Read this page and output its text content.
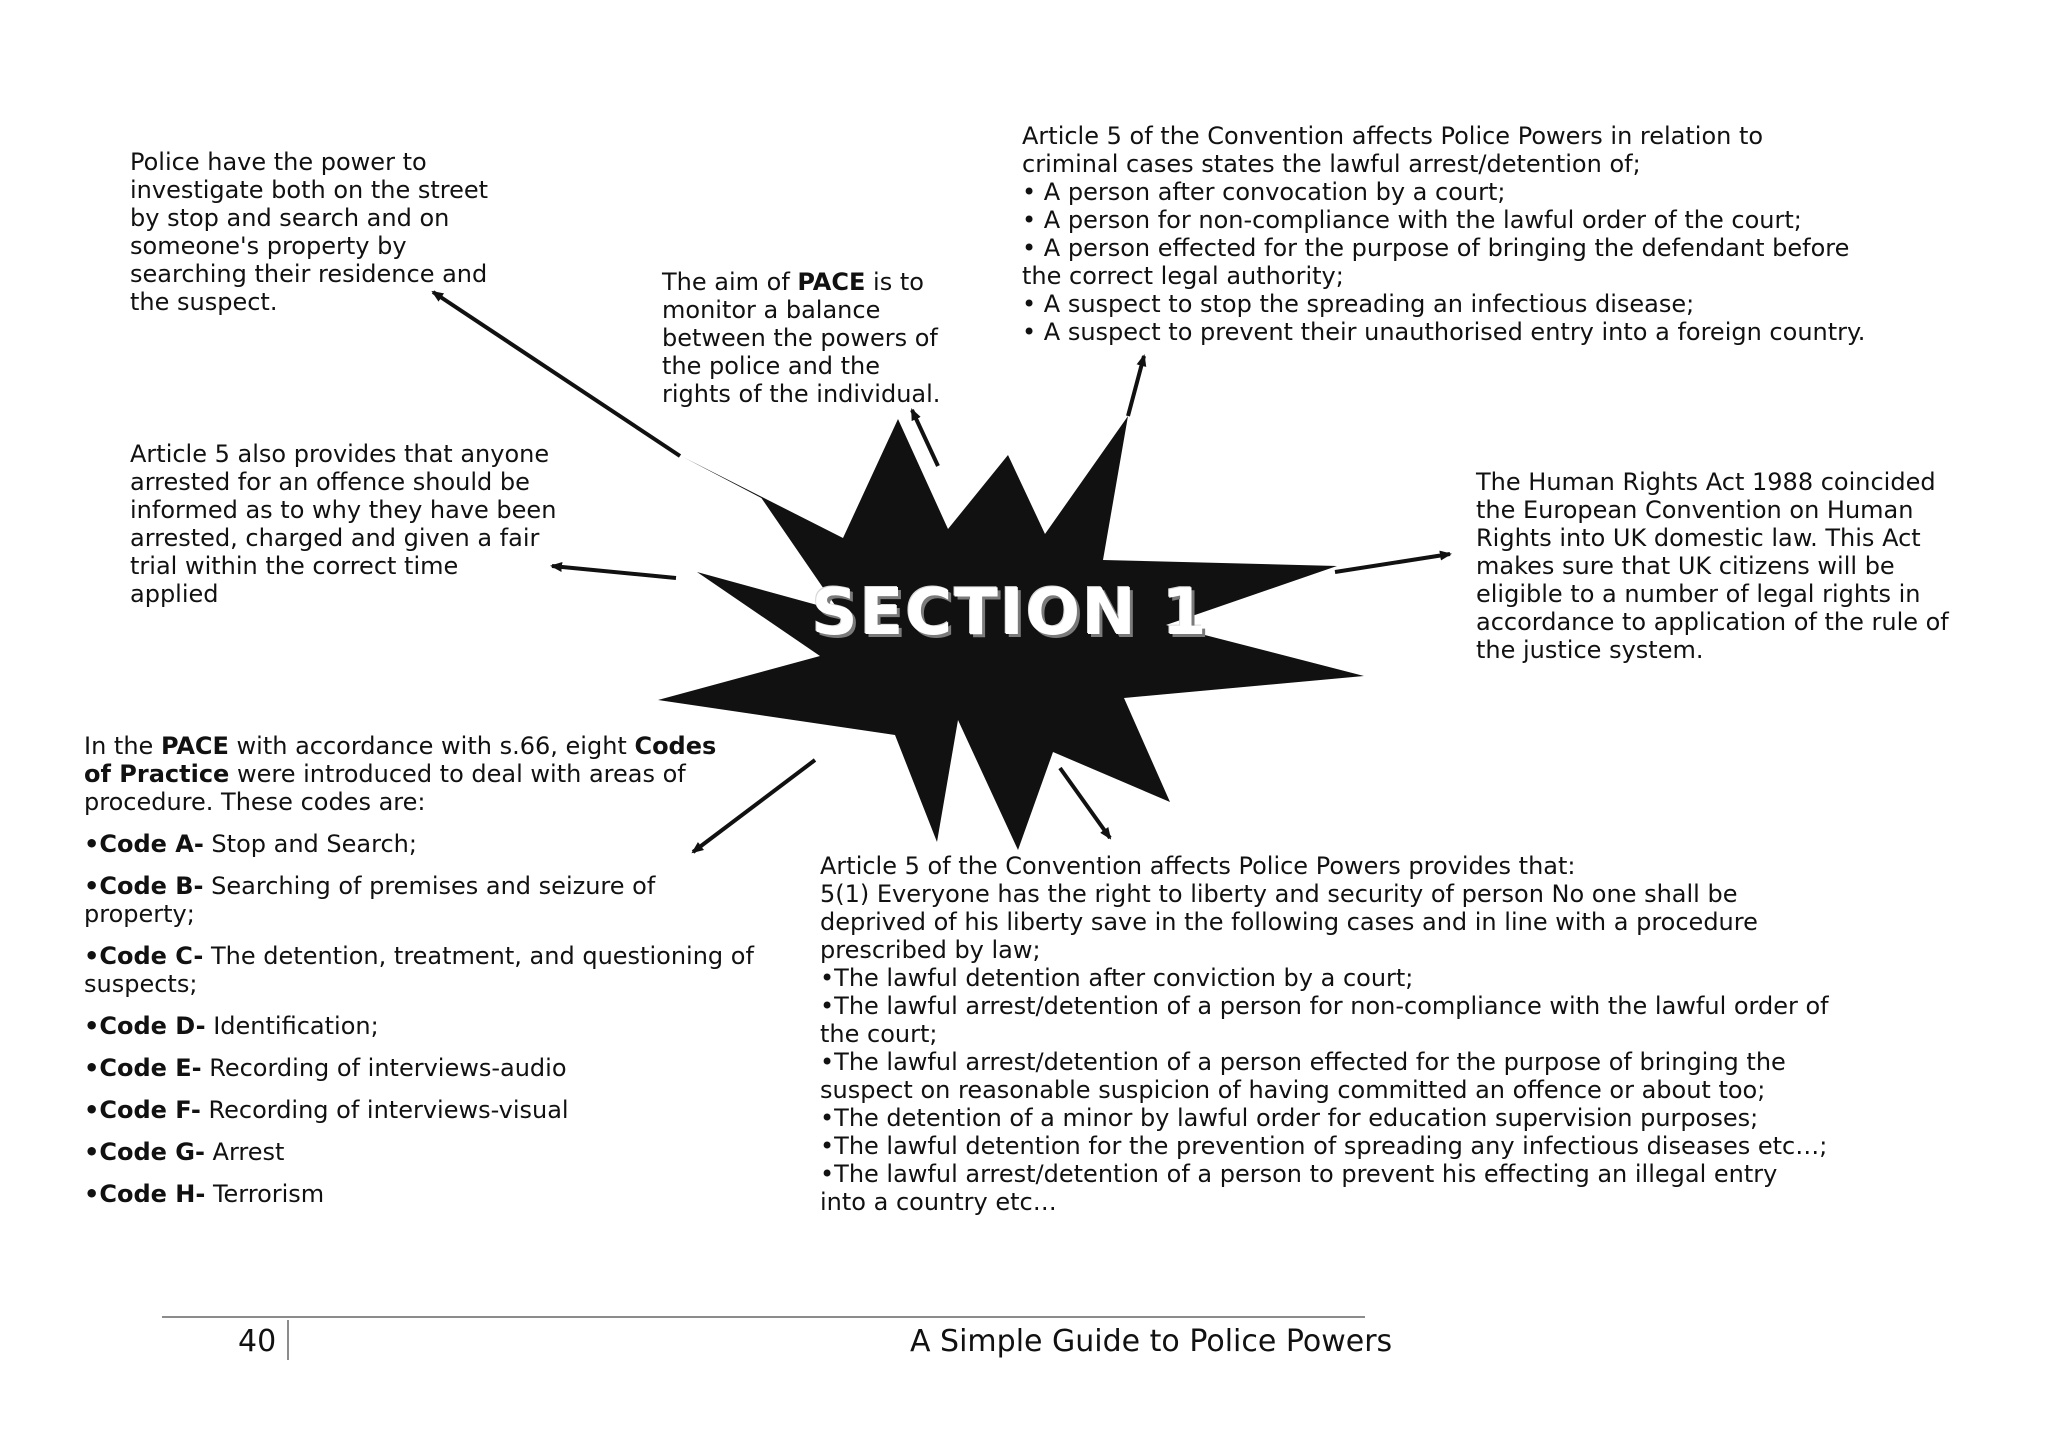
SECTION 1

Police have the power to

investigate both on the street

by stop and search and on

someone's property by

searching their residence and

the suspect.

The aim of PACE is to

monitor a balance

between the powers of

the police and the

rights of the individual.

Article 5 of the Convention affects Police Powers in relation to

criminal cases states the lawful arrest/detention of;

• A person after convocation by a court;

• A person for non-compliance with the lawful order of the court;

• A person effected for the purpose of bringing the defendant before

the correct legal authority;

• A suspect to stop the spreading an infectious disease;

• A suspect to prevent their unauthorised entry into a foreign country.

Article 5 also provides that anyone

arrested for an offence should be

informed as to why they have been

arrested, charged and given a fair

trial within the correct time

applied

The Human Rights Act 1988 coincided

the European Convention on Human

Rights into UK domestic law. This Act

makes sure that UK citizens will be

eligible to a number of legal rights in

accordance to application of the rule of

the justice system.

In the PACE with accordance with s.66, eight Codes

of Practice were introduced to deal with areas of

procedure. These codes are:

•Code A- Stop and Search;

•Code B- Searching of premises and seizure of property;

•Code C- The detention, treatment, and questioning of suspects;

•Code D- Identification;

•Code E- Recording of interviews-audio

•Code F- Recording of interviews-visual

•Code G- Arrest

•Code H- Terrorism

Article 5 of the Convention affects Police Powers provides that:

5(1) Everyone has the right to liberty and security of person No one shall be

deprived of his liberty save in the following cases and in line with a procedure

prescribed by law;

•The lawful detention after conviction by a court;

•The lawful arrest/detention of a person for non-compliance with the lawful order of

the court;

•The lawful arrest/detention of a person effected for the purpose of bringing the

suspect on reasonable suspicion of having committed an offence or about too;

•The detention of a minor by lawful order for education supervision purposes;

•The lawful detention for the prevention of spreading any infectious diseases etc…;

•The lawful arrest/detention of a person to prevent his effecting an illegal entry

into a country etc…

40	A Simple Guide to Police Powers
